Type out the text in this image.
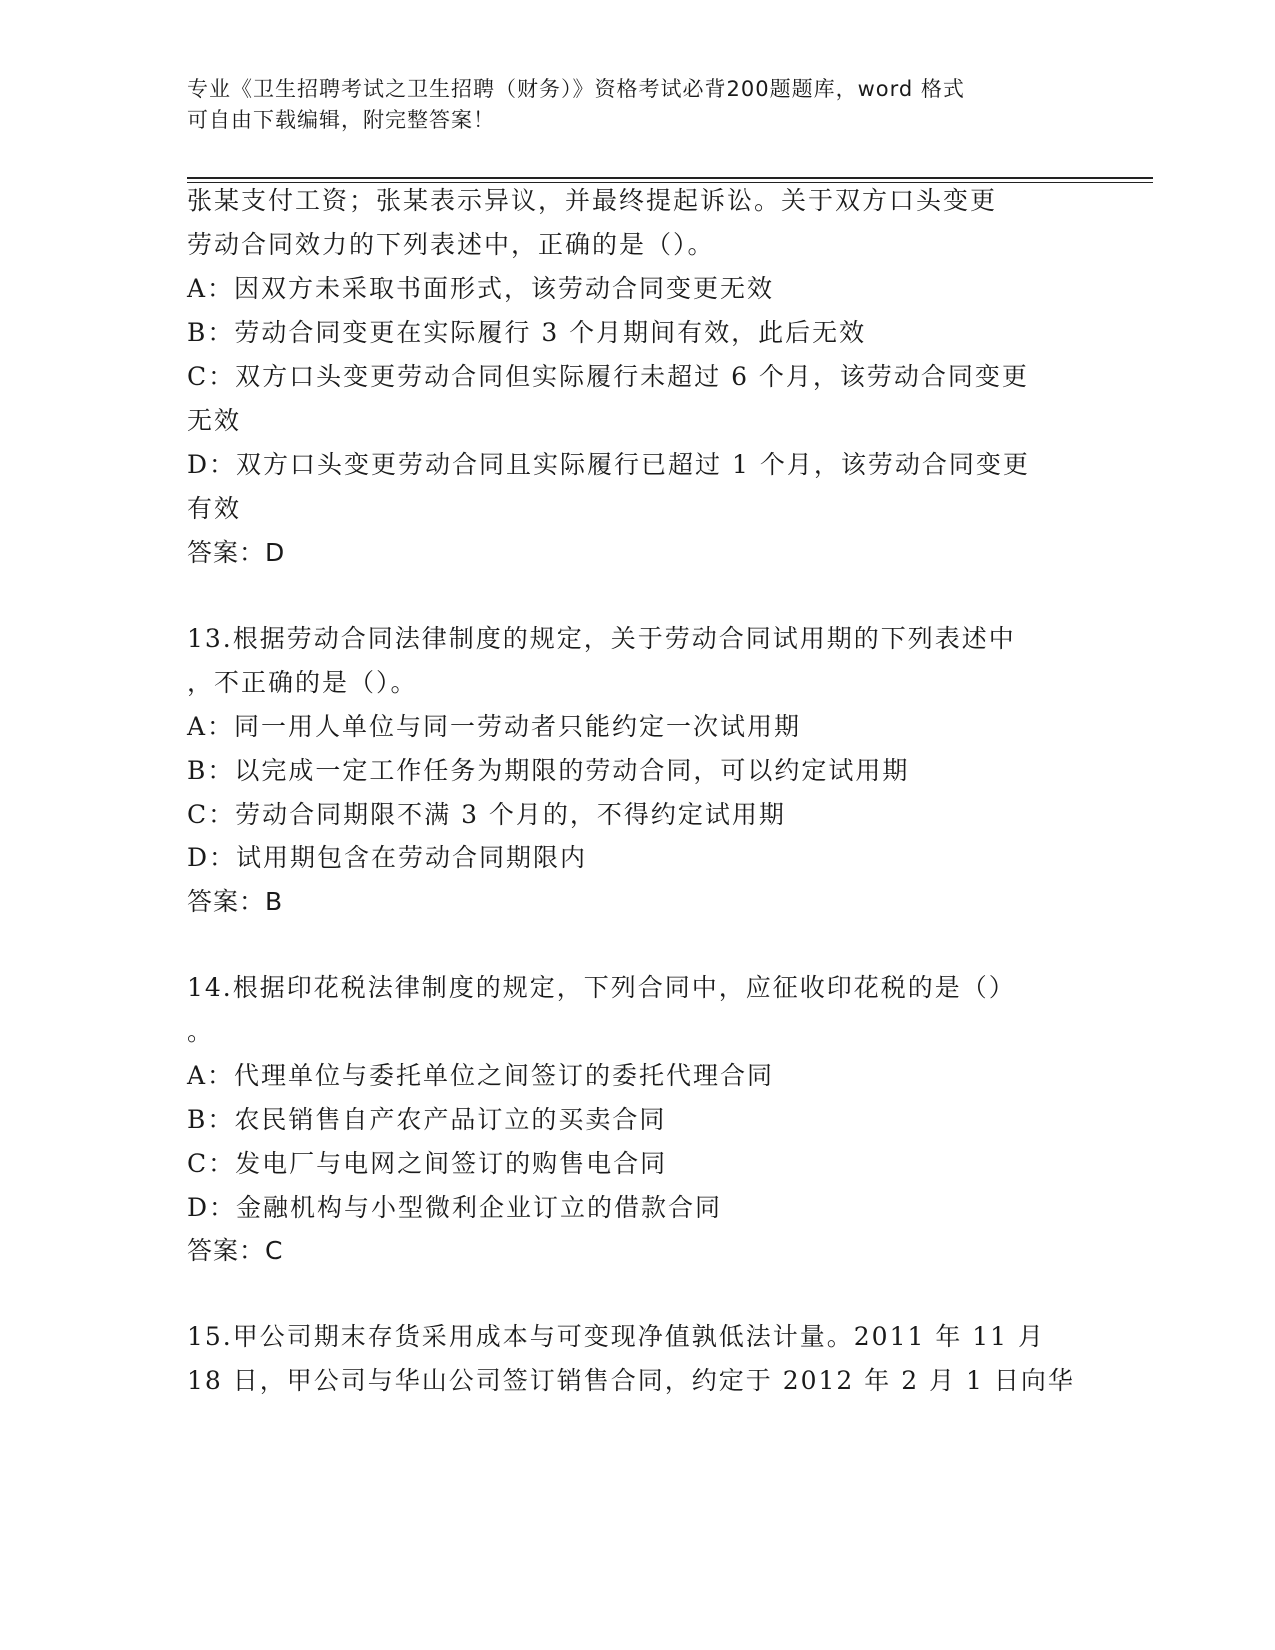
专业《卫生招聘考试之卫生招聘（财务）》资格考试必背200题题库，word 格式
可自由下载编辑，附完整答案！
张某支付工资；张某表示异议，并最终提起诉讼。关于双方口头变更
劳动合同效力的下列表述中，正确的是（）。
A：因双方未采取书面形式，该劳动合同变更无效
B：劳动合同变更在实际履行 3 个月期间有效，此后无效
C：双方口头变更劳动合同但实际履行未超过 6 个月，该劳动合同变更
无效
D：双方口头变更劳动合同且实际履行已超过 1 个月，该劳动合同变更
有效
答案：D
13.根据劳动合同法律制度的规定，关于劳动合同试用期的下列表述中
，不正确的是（）。
A：同一用人单位与同一劳动者只能约定一次试用期
B：以完成一定工作任务为期限的劳动合同，可以约定试用期
C：劳动合同期限不满 3 个月的，不得约定试用期
D：试用期包含在劳动合同期限内
答案：B
14.根据印花税法律制度的规定，下列合同中，应征收印花税的是（）
。
A：代理单位与委托单位之间签订的委托代理合同
B：农民销售自产农产品订立的买卖合同
C：发电厂与电网之间签订的购售电合同
D：金融机构与小型微利企业订立的借款合同
答案：C
15.甲公司期末存货采用成本与可变现净值孰低法计量。2011 年 11 月
18 日，甲公司与华山公司签订销售合同，约定于 2012 年 2 月 1 日向华
